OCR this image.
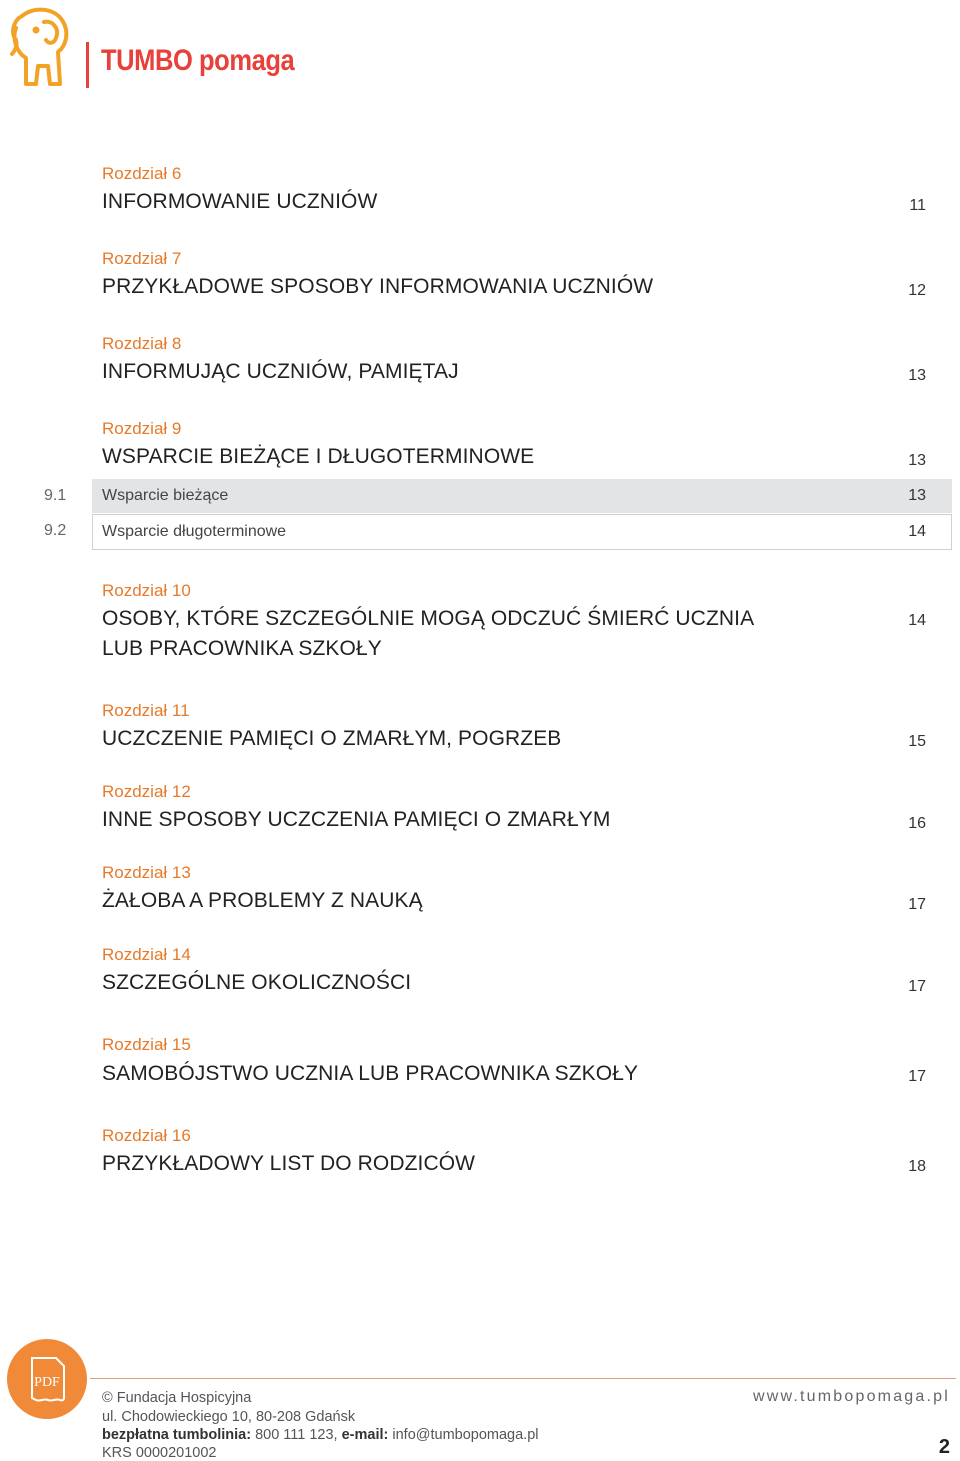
TUMBO pomaga
Rozdział 6
INFORMOWANIE UCZNIÓW	11
Rozdział 7
PRZYKŁADOWE SPOSOBY INFORMOWANIA UCZNIÓW	12
Rozdział 8
INFORMUJĄC UCZNIÓW, PAMIĘTAJ	13
Rozdział 9
WSPARCIE BIEŻĄCE I DŁUGOTERMINOWE	13
9.1 Wsparcie bieżące	13
9.2 Wsparcie długoterminowe	14
Rozdział 10
OSOBY, KTÓRE SZCZEGÓLNIE MOGĄ ODCZUĆ ŚMIERĆ UCZNIA
LUB PRACOWNIKA SZKOŁY
14
Rozdział 11
UCZCZENIE PAMIĘCI O ZMARŁYM, POGRZEB	15
Rozdział 12
INNE SPOSOBY UCZCZENIA PAMIĘCI O ZMARŁYM	16
Rozdział 13
ŻAŁOBA A PROBLEMY Z NAUKĄ	17
Rozdział 14
SZCZEGÓLNE OKOLICZNOŚCI	17
Rozdział 15
SAMOBÓJSTWO UCZNIA LUB PRACOWNIKA SZKOŁY	17
Rozdział 16
PRZYKŁADOWY LIST DO RODZICÓW	18
PDF
© Fundacja Hospicyjna
ul. Chodowieckiego 10, 80-208 Gdańsk
bezpłatna tumbolinia: 800 111 123, e-mail: info@tumbopomaga.pl
KRS 0000201002
www.tumbopomaga.pl
2
